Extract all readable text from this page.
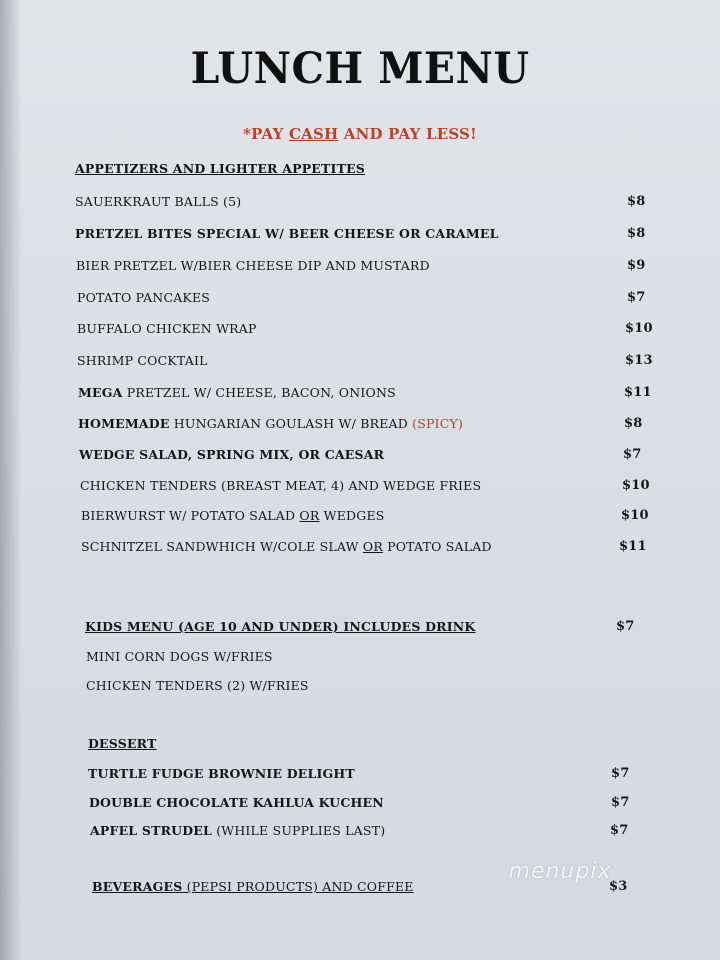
LUNCH MENU
*PAY CASH AND PAY LESS!
APPETIZERS AND LIGHTER APPETITES
SAUERKRAUT BALLS (5)	$8
PRETZEL BITES SPECIAL W/ BEER CHEESE OR CARAMEL	$8
BIER PRETZEL W/BIER CHEESE DIP AND MUSTARD	$9
POTATO PANCAKES	$7
BUFFALO CHICKEN WRAP	$10
SHRIMP COCKTAIL	$13
MEGA PRETZEL W/ CHEESE, BACON, ONIONS	$11
HOMEMADE HUNGARIAN GOULASH W/ BREAD (SPICY)	$8
WEDGE SALAD, SPRING MIX, OR CAESAR	$7
CHICKEN TENDERS (BREAST MEAT, 4) AND WEDGE FRIES	$10
BIERWURST W/ POTATO SALAD OR WEDGES	$10
SCHNITZEL SANDWHICH W/COLE SLAW OR POTATO SALAD	$11
KIDS MENU (AGE 10 AND UNDER) INCLUDES DRINK	$7
MINI CORN DOGS W/FRIES
CHICKEN TENDERS (2) W/FRIES
DESSERT
TURTLE FUDGE BROWNIE DELIGHT	$7
DOUBLE CHOCOLATE KAHLUA KUCHEN	$7
APFEL STRUDEL (WHILE SUPPLIES LAST)	$7
BEVERAGES (PEPSI PRODUCTS) AND COFFEE	$3
menupix
